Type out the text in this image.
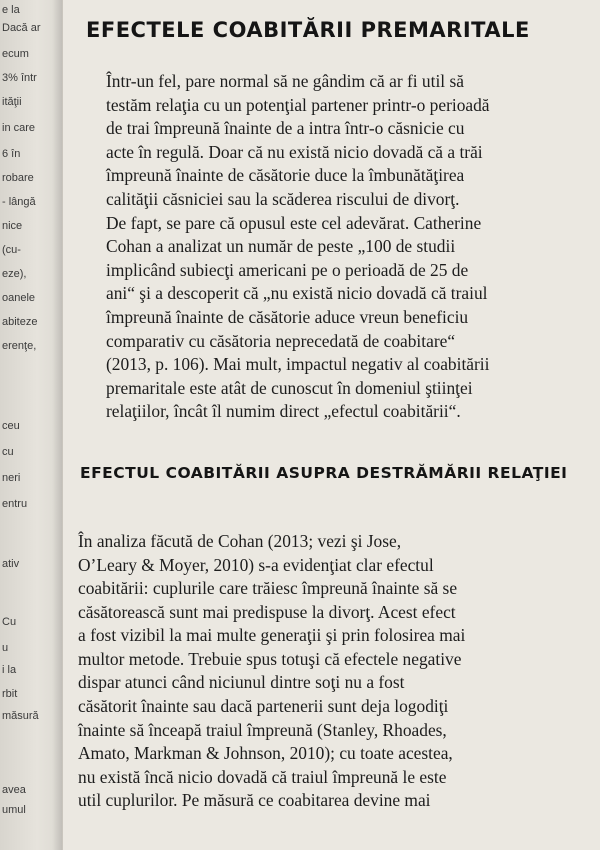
e la
Dacă ar
ecum
3% într
ităţii
in care
6 în
robare
- lângă
nice
(cu-
eze),
oanele
abiteze
erenţe,
ceu
cu
neri
entru
ativ
Cu
u
i la
rbit
măsură
avea
umul
EFECTELE COABITĂRII PREMARITALE

Într-un fel, pare normal să ne gândim că ar fi util să
testăm relaţia cu un potenţial partener printr-o perioadă
de trai împreună înainte de a intra într-o căsnicie cu
acte în regulă. Doar că nu există nicio dovadă că a trăi
împreună înainte de căsătorie duce la îmbunătăţirea
calităţii căsniciei sau la scăderea riscului de divorţ.
De fapt, se pare că opusul este cel adevărat. Catherine
Cohan a analizat un număr de peste „100 de studii
implicând subiecţi americani pe o perioadă de 25 de
ani“ şi a descoperit că „nu există nicio dovadă că traiul
împreună înainte de căsătorie aduce vreun beneficiu
comparativ cu căsătoria neprecedată de coabitare“
(2013, p. 106). Mai mult, impactul negativ al coabitării
premaritale este atât de cunoscut în domeniul ştiinţei
relaţiilor, încât îl numim direct „efectul coabitării“.

EFECTUL COABITĂRII ASUPRA DESTRĂMĂRII RELAŢIEI

În analiza făcută de Cohan (2013; vezi şi Jose,
O’Leary & Moyer, 2010) s-a evidenţiat clar efectul
coabitării: cuplurile care trăiesc împreună înainte să se
căsătorească sunt mai predispuse la divorţ. Acest efect
a fost vizibil la mai multe generaţii şi prin folosirea mai
multor metode. Trebuie spus totuşi că efectele negative
dispar atunci când niciunul dintre soţi nu a fost
căsătorit înainte sau dacă partenerii sunt deja logodiţi
înainte să înceapă traiul împreună (Stanley, Rhoades,
Amato, Markman & Johnson, 2010); cu toate acestea,
nu există încă nicio dovadă că traiul împreună le este
util cuplurilor. Pe măsură ce coabitarea devine mai
